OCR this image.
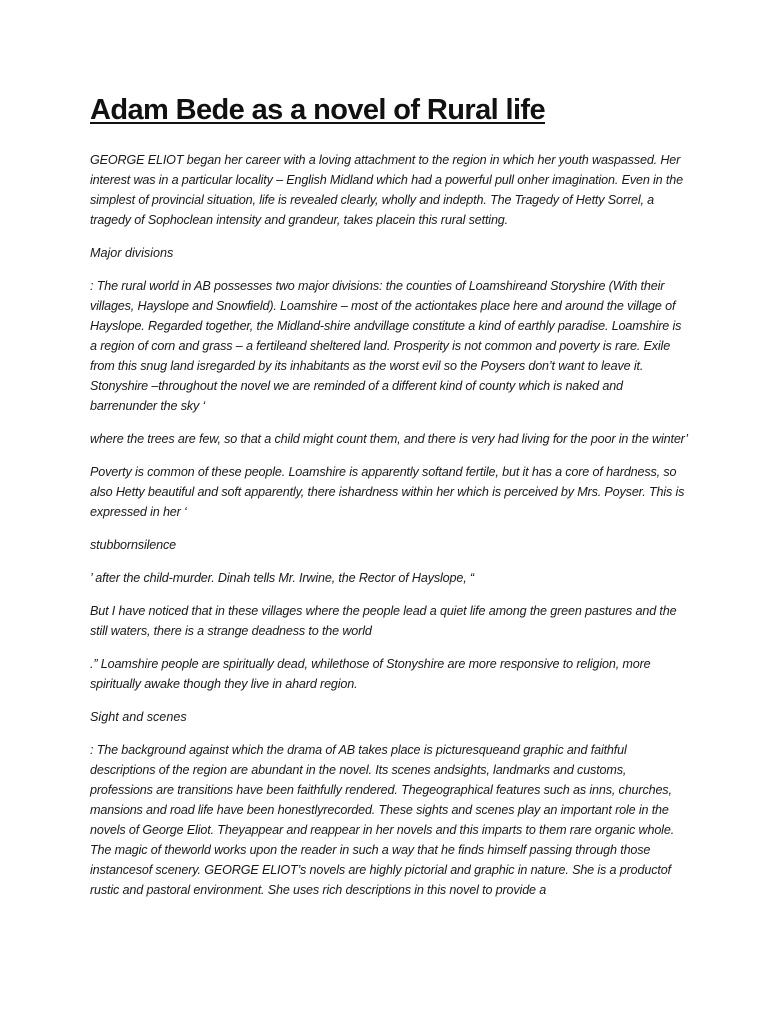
Adam Bede as a novel of Rural life

GEORGE ELIOT began her career with a loving attachment to the region in which her youth waspassed. Her interest was in a particular locality – English Midland which had a powerful pull onher imagination. Even in the simplest of provincial situation, life is revealed clearly, wholly and indepth. The Tragedy of Hetty Sorrel, a tragedy of Sophoclean intensity and grandeur, takes placein this rural setting.

Major divisions

: The rural world in AB possesses two major divisions: the counties of Loamshireand Storyshire (With their villages, Hayslope and Snowfield). Loamshire – most of the actiontakes place here and around the village of Hayslope. Regarded together, the Midland-shire andvillage constitute a kind of earthly paradise. Loamshire is a region of corn and grass – a fertileand sheltered land. Prosperity is not common and poverty is rare. Exile from this snug land isregarded by its inhabitants as the worst evil so the Poysers don’t want to leave it. Stonyshire –throughout the novel we are reminded of a different kind of county which is naked and barrenunder the sky ‘

where the trees are few, so that a child might count them, and there is very had living for the poor in the winter’

Poverty is common of these people. Loamshire is apparently softand fertile, but it has a core of hardness, so also Hetty beautiful and soft apparently, there ishardness within her which is perceived by Mrs. Poyser. This is expressed in her ‘

stubbornsilence

’ after the child-murder. Dinah tells Mr. Irwine, the Rector of Hayslope, “

But I have noticed that in these villages where the people lead a quiet life among the green pastures and the still waters, there is a strange deadness to the world

.” Loamshire people are spiritually dead, whilethose of Stonyshire are more responsive to religion, more spiritually awake though they live in ahard region.

Sight and scenes

: The background against which the drama of AB takes place is picturesqueand graphic and faithful descriptions of the region are abundant in the novel. Its scenes andsights, landmarks and customs, professions are transitions have been faithfully rendered. Thegeographical features such as inns, churches, mansions and road life have been honestlyrecorded. These sights and scenes play an important role in the novels of George Eliot. Theyappear and reappear in her novels and this imparts to them rare organic whole. The magic of theworld works upon the reader in such a way that he finds himself passing through those instancesof scenery. GEORGE ELIOT’s novels are highly pictorial and graphic in nature. She is a productof rustic and pastoral environment. She uses rich descriptions in this novel to provide a
